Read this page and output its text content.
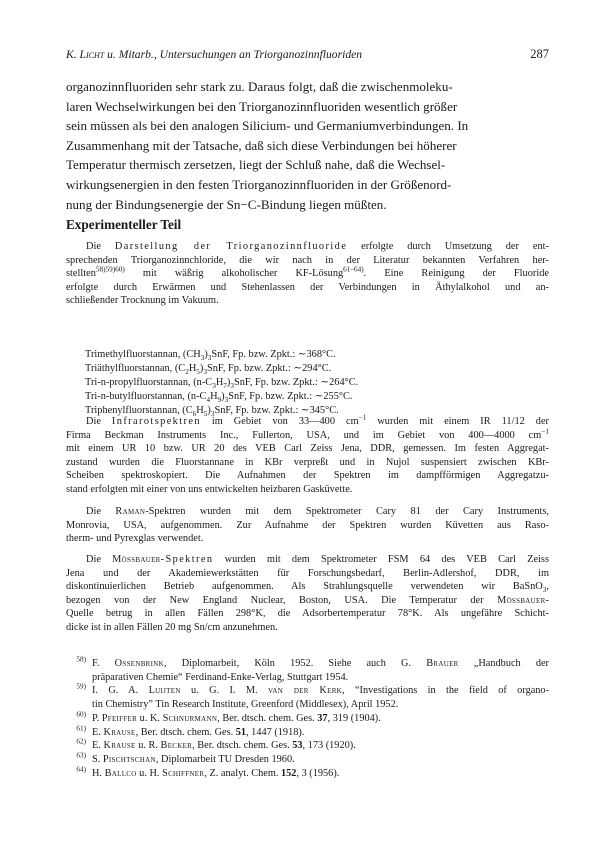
K. Licht u. Mitarb., Untersuchungen an Triorganozinnfluoriden	287

organozinnfluoriden sehr stark zu. Daraus folgt, daß die zwischenmoleku-

laren Wechselwirkungen bei den Triorganozinnfluoriden wesentlich größer

sein müssen als bei den analogen Silicium- und Germaniumverbindungen. In

Zusammenhang mit der Tatsache, daß sich diese Verbindungen bei höherer

Temperatur thermisch zersetzen, liegt der Schluß nahe, daß die Wechsel-

wirkungsenergien in den festen Triorganozinnfluoriden in der Größenord-

nung der Bindungsenergie der Sn−C-Bindung liegen müßten.

Experimenteller Teil

Die Darstellung der Triorganozinnfluoride erfolgte durch Umsetzung der ent-

sprechenden Triorganozinnchloride, die wir nach in der Literatur bekannten Verfahren her-

stellten$^{58)59)60)}$ mit wäßrig alkoholischer KF-Lösung$^{61-64)}$. Eine Reinigung der Fluoride

erfolgte durch Erwärmen und Stehenlassen der Verbindungen in Äthylalkohol und an-

schließender Trocknung im Vakuum.

Trimethylfluorstannan, $(CH_3)_3SnF$, Fp. bzw. Zpkt.: ∼368°C.
Triäthylfluorstannan, $(C_2H_5)_3SnF$, Fp. bzw. Zpkt.: ∼294°C.
Tri-n-propylfluorstannan, $(n-C_3H_7)_3SnF$, Fp. bzw. Zpkt.: ∼264°C.
Tri-n-butylfluorstannan, $(n-C_4H_9)_3SnF$, Fp. bzw. Zpkt.: ∼255°C.
Triphenylfluorstannan, $(C_6H_5)_3SnF$, Fp. bzw. Zpkt.: ∼345°C.

Die Infrarotspektren im Gebiet von 33—400 $cm^{-1}$ wurden mit einem IR 11/12 der

Firma Beckman Instruments Inc., Fullerton, USA, und im Gebiet von 400—4000 $cm^{-1}$

mit einem UR 10 bzw. UR 20 des VEB Carl Zeiss Jena, DDR, gemessen. Im festen Aggregat-

zustand wurden die Fluorstannane in KBr verpreßt und in Nujol suspensiert zwischen KBr-

Scheiben spektroskopiert. Die Aufnahmen der Spektren im dampfförmigen Aggregatzu-

stand erfolgten mit einer von uns entwickelten heizbaren Gasküvette.

Die Raman-Spektren wurden mit dem Spektrometer Cary 81 der Cary Instruments,

Monrovia, USA, aufgenommen. Zur Aufnahme der Spektren wurden Küvetten aus Raso-

therm- und Pyrexglas verwendet.

Die Mössbauer-Spektren wurden mit dem Spektrometer FSM 64 des VEB Carl Zeiss

Jena und der Akademiewerkstätten für Forschungsbedarf, Berlin-Adlershof, DDR, im

diskontinuierlichen Betrieb aufgenommen. Als Strahlungsquelle verwendeten wir BaSnO$_3$,

bezogen von der New England Nuclear, Boston, USA. Die Temperatur der Mössbauer-

Quelle betrug in allen Fällen 298°K, die Adsorbertemperatur 78°K. Als ungefähre Schicht-

dicke ist in allen Fällen 20 mg Sn/cm anzunehmen.

$^{58)}$ F. Ossenbrink, Diplomarbeit, Köln 1952. Siehe auch G. Brauer „Handbuch der
präparativen Chemie“ Ferdinand-Enke-Verlag, Stuttgart 1954.
$^{59)}$ I. G. A. Luijten u. G. I. M. van der Kerk, “Investigations in the field of organo-
tin Chemistry” Tin Research Institute, Greenford (Middlesex), April 1952.
$^{60)}$ P. Pfeiffer u. K. Schnurmann, Ber. dtsch. chem. Ges. 37, 319 (1904).
$^{61)}$ E. Krause, Ber. dtsch. chem. Ges. 51, 1447 (1918).
$^{62)}$ E. Krause u. R. Becker, Ber. dtsch. chem. Ges. 53, 173 (1920).
$^{63)}$ S. Pischtschan, Diplomarbeit TU Dresden 1960.
$^{64)}$ H. Ballco u. H. Schiffner, Z. analyt. Chem. 152, 3 (1956).
